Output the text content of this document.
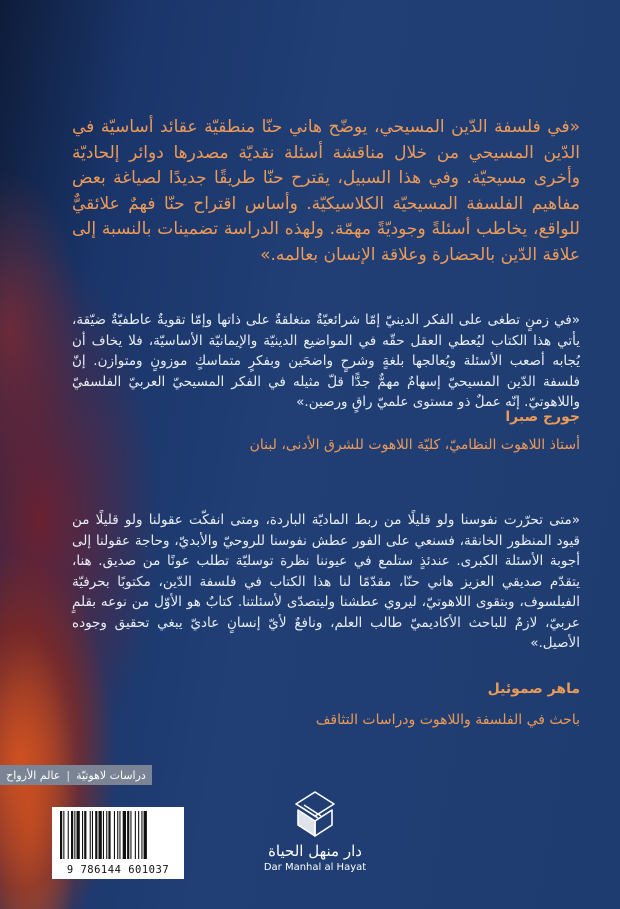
«في فلسفة الدّين المسيحي، يوضّح هاني حنّا منطقيّة عقائد أساسيّة في الدّين المسيحي من خلال مناقشة أسئلة نقديّة مصدرها دوائر إلحاديّة وأخرى مسيحيّة. وفي هذا السبيل، يقترح حنّا طريقًا جديدًا لصياغة بعض مفاهيم الفلسفة المسيحيّة الكلاسيكيّة. وأساس اقتراح حنّا فهمٌ علائقيٌّ للواقع، يخاطب أسئلةً وجوديّةً مهمّة. ولهذه الدراسة تضمينات بالنسبة إلى علاقة الدّين بالحضارة وعلاقة الإنسان بعالمه.»

«في زمنٍ تطغى على الفكر الدينيّ إمّا شرائعيّةٌ منغلقةٌ على ذاتها وإمّا تقويةٌ عاطفيّةٌ ضيّقة، يأتي هذا الكتاب ليُعطي العقل حقّه في المواضيع الدينيّة والإيمانيّة الأساسيّة، فلا يخاف أن يُجابه أصعب الأسئلة ويُعالجها بلغةٍ وشرحٍ واضحَين وبفكرٍ متماسكٍ موزونٍ ومتوازن. إنّ فلسفة الدّين المسيحيّ إسهامٌ مهمٌّ جدًّا قلّ مثيله في الفكر المسيحيّ العربيّ الفلسفيّ واللاهوتيّ. إنّه عملٌ ذو مستوى علميّ راقٍ ورصين.»

جورج صبرا
أستاذ اللاهوت النظاميّ، كليّة اللاهوت للشرق الأدنى، لبنان

«متى تحرّرت نفوسنا ولو قليلًا من ربط الماديّة الباردة، ومتى انفكّت عقولنا ولو قليلًا من قيود المنظور الخانقة، فسنعي على الفور عطش نفوسنا للروحيّ والأبديّ، وحاجة عقولنا إلى أجوبة الأسئلة الكبرى. عندئذٍ ستلمع في عيوننا نظرة توسليّة تطلب عونًا من صديق. هنا، يتقدّم صديقي العزيز هاني حنّا، مقدّمًا لنا هذا الكتاب في فلسفة الدّين، مكتوبًا بحرفيّة الفيلسوف، وبتقوى اللاهوتيّ، ليروي عطشنا وليتصدّى لأسئلتنا. كتابٌ هو الأوّل من نوعه بقلمٍ عربيّ، لازمٌ للباحث الأكاديميّ طالب العلم، ونافعٌ لأيّ إنسانٍ عاديّ يبغي تحقيق وجوده الأصيل.»

ماهر صموئيل
باحث في الفلسفة واللاهوت ودراسات التثاقف
دراسات لاهوتيّة
|
عالم الأرواح
9 786144 601037
دار منهل الحياة
Dar Manhal al Hayat
